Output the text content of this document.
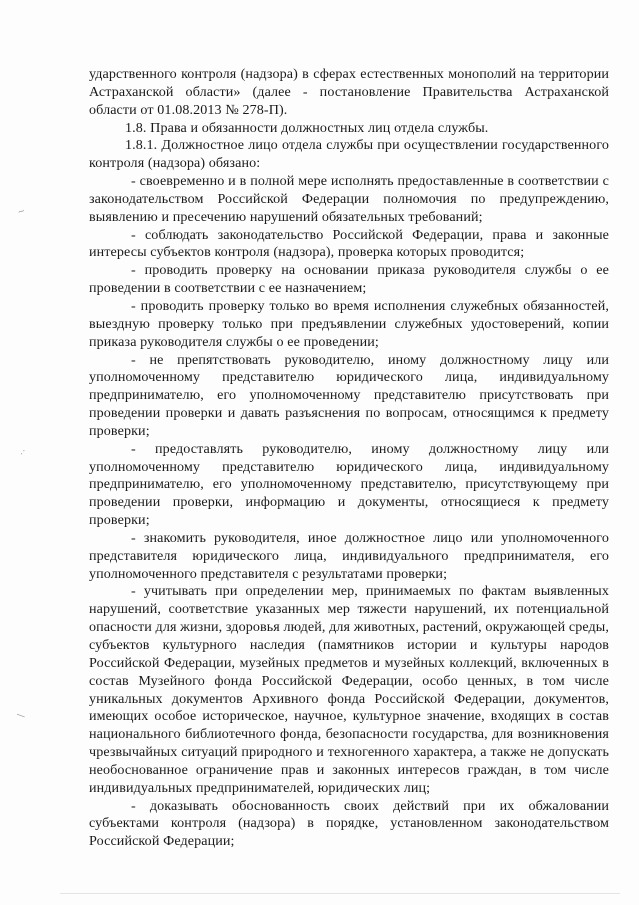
~
.·
—

ударственного контроля (надзора) в сферах естественных монополий на территории Астраханской области» (далее - постановление Правительства Астраханской области от 01.08.2013 № 278-П).

1.8. Права и обязанности должностных лиц отдела службы.

1.8.1. Должностное лицо отдела службы при осуществлении государственного контроля (надзора) обязано:

- своевременно и в полной мере исполнять предоставленные в соответствии с законодательством Российской Федерации полномочия по предупреждению, выявлению и пресечению нарушений обязательных требований;

- соблюдать законодательство Российской Федерации, права и законные интересы субъектов контроля (надзора), проверка которых проводится;

- проводить проверку на основании приказа руководителя службы о ее проведении в соответствии с ее назначением;

- проводить проверку только во время исполнения служебных обязанностей, выездную проверку только при предъявлении служебных удостоверений, копии приказа руководителя службы о ее проведении;

- не препятствовать руководителю, иному должностному лицу или уполномоченному представителю юридического лица, индивидуальному предпринимателю, его уполномоченному представителю присутствовать при проведении проверки и давать разъяснения по вопросам, относящимся к предмету проверки;

- предоставлять руководителю, иному должностному лицу или уполномоченному представителю юридического лица, индивидуальному предпринимателю, его уполномоченному представителю, присутствующему при проведении проверки, информацию и документы, относящиеся к предмету проверки;

- знакомить руководителя, иное должностное лицо или уполномоченного представителя юридического лица, индивидуального предпринимателя, его уполномоченного представителя с результатами проверки;

- учитывать при определении мер, принимаемых по фактам выявленных нарушений, соответствие указанных мер тяжести нарушений, их потенциальной опасности для жизни, здоровья людей, для животных, растений, окружающей среды, субъектов культурного наследия (памятников истории и культуры народов Российской Федерации, музейных предметов и музейных коллекций, включенных в состав Музейного фонда Российской Федерации, особо ценных, в том числе уникальных документов Архивного фонда Российской Федерации, документов, имеющих особое историческое, научное, культурное значение, входящих в состав национального библиотечного фонда, безопасности государства, для возникновения чрезвычайных ситуаций природного и техногенного характера, а также не допускать необоснованное ограничение прав и законных интересов граждан, в том числе индивидуальных предпринимателей, юридических лиц;

- доказывать обоснованность своих действий при их обжаловании субъектами контроля (надзора) в порядке, установленном законодательством Российской Федерации;
